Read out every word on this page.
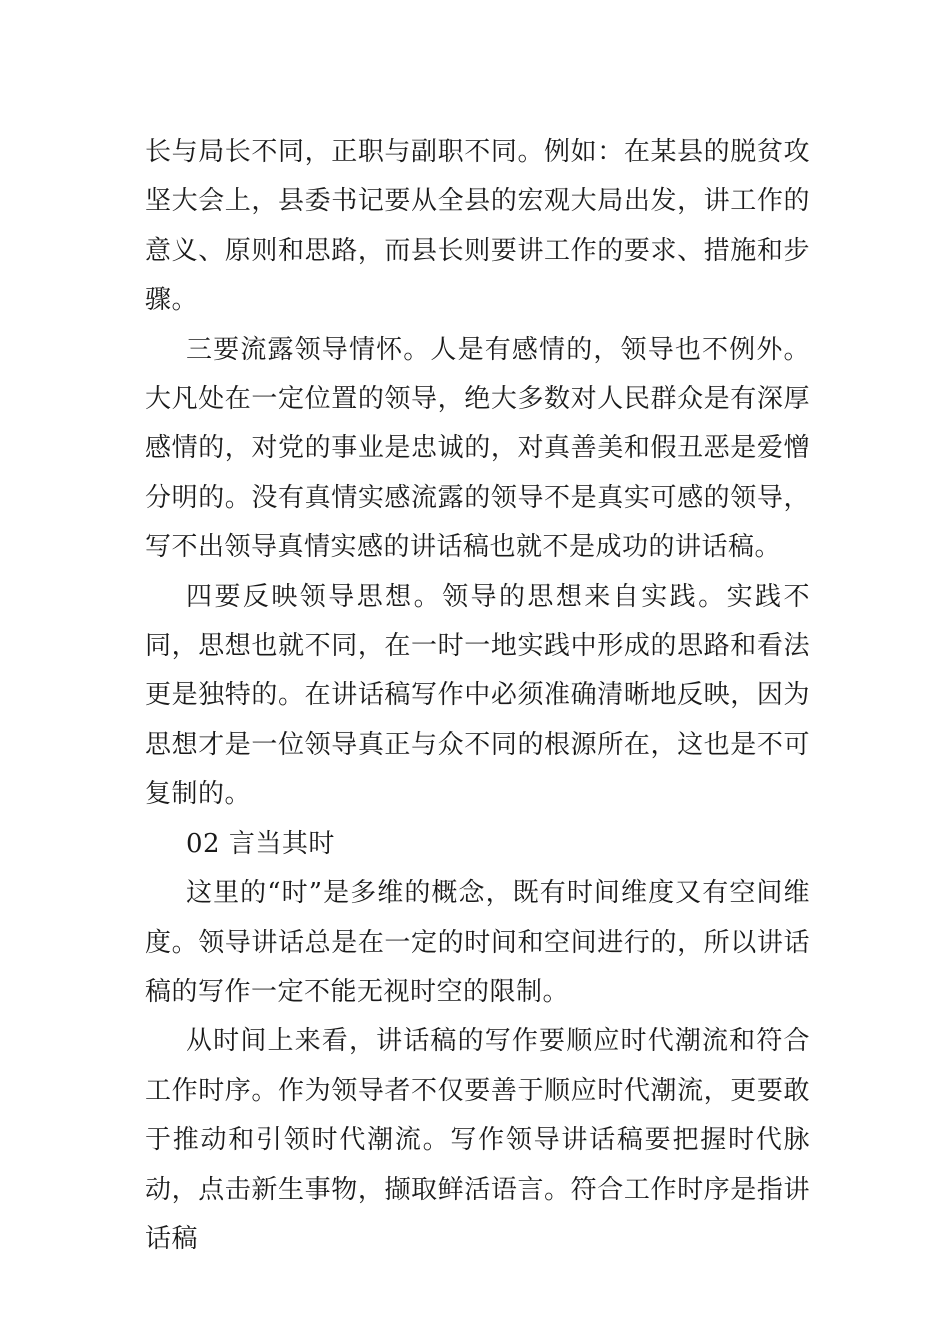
长与局长不同，正职与副职不同。例如：在某县的脱贫攻坚大会上，县委书记要从全县的宏观大局出发，讲工作的意义、原则和思路，而县长则要讲工作的要求、措施和步骤。

三要流露领导情怀。人是有感情的，领导也不例外。大凡处在一定位置的领导，绝大多数对人民群众是有深厚感情的，对党的事业是忠诚的，对真善美和假丑恶是爱憎分明的。没有真情实感流露的领导不是真实可感的领导，写不出领导真情实感的讲话稿也就不是成功的讲话稿。

四要反映领导思想。领导的思想来自实践。实践不同，思想也就不同，在一时一地实践中形成的思路和看法更是独特的。在讲话稿写作中必须准确清晰地反映，因为思想才是一位领导真正与众不同的根源所在，这也是不可复制的。

02 言当其时

这里的“时”是多维的概念，既有时间维度又有空间维度。领导讲话总是在一定的时间和空间进行的，所以讲话稿的写作一定不能无视时空的限制。

从时间上来看，讲话稿的写作要顺应时代潮流和符合工作时序。作为领导者不仅要善于顺应时代潮流，更要敢于推动和引领时代潮流。写作领导讲话稿要把握时代脉动，点击新生事物，撷取鲜活语言。符合工作时序是指讲话稿
